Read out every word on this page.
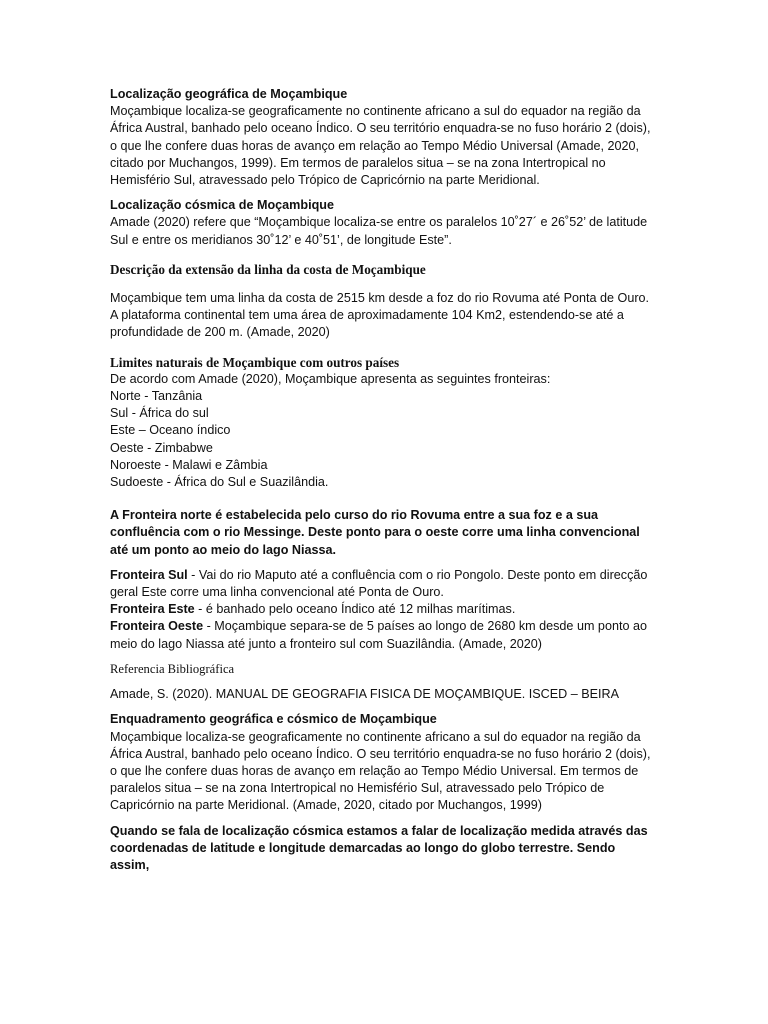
Localização geográfica de Moçambique
Moçambique localiza-se geograficamente no continente africano a sul do equador na região da África Austral, banhado pelo oceano Índico. O seu território enquadra-se no fuso horário 2 (dois), o que lhe confere duas horas de avanço em relação ao Tempo Médio Universal (Amade, 2020, citado por Muchangos, 1999). Em termos de paralelos situa – se na zona Intertropical no Hemisfério Sul, atravessado pelo Trópico de Capricórnio na parte Meridional.
Localização cósmica de Moçambique
Amade (2020) refere que “Moçambique localiza-se entre os paralelos 10˚27´ e 26˚52’ de latitude Sul e entre os meridianos 30˚12’ e 40˚51’, de longitude Este”.
Descrição da extensão da linha da costa de Moçambique
Moçambique tem uma linha da costa de 2515 km desde a foz do rio Rovuma até Ponta de Ouro. A plataforma continental tem uma área de aproximadamente 104 Km2, estendendo-se até a profundidade de 200 m. (Amade, 2020)
Limites naturais de Moçambique com outros países
De acordo com Amade (2020), Moçambique apresenta as seguintes fronteiras:
Norte - Tanzânia
Sul - África do sul
Este – Oceano índico
Oeste - Zimbabwe
Noroeste - Malawi e Zâmbia
Sudoeste - África do Sul e Suazilândia.
A Fronteira norte é estabelecida pelo curso do rio Rovuma entre a sua foz e a sua confluência com o rio Messinge. Deste ponto para o oeste corre uma linha convencional até um ponto ao meio do lago Niassa.
Fronteira Sul - Vai do rio Maputo até a confluência com o rio Pongolo. Deste ponto em direcção geral Este corre uma linha convencional até Ponta de Ouro.
Fronteira Este - é banhado pelo oceano Índico até 12 milhas marítimas.
Fronteira Oeste - Moçambique separa-se de 5 países ao longo de 2680 km desde um ponto ao meio do lago Niassa até junto a fronteiro sul com Suazilândia. (Amade, 2020)
Referencia Bibliográfica
Amade, S. (2020). MANUAL DE GEOGRAFIA FISICA DE MOÇAMBIQUE. ISCED – BEIRA
Enquadramento geográfica e cósmico de Moçambique
Moçambique localiza-se geograficamente no continente africano a sul do equador na região da África Austral, banhado pelo oceano Índico. O seu território enquadra-se no fuso horário 2 (dois), o que lhe confere duas horas de avanço em relação ao Tempo Médio Universal. Em termos de paralelos situa – se na zona Intertropical no Hemisfério Sul, atravessado pelo Trópico de Capricórnio na parte Meridional. (Amade, 2020, citado por Muchangos, 1999)
Quando se fala de localização cósmica estamos a falar de localização medida através das coordenadas de latitude e longitude demarcadas ao longo do globo terrestre. Sendo assim,
